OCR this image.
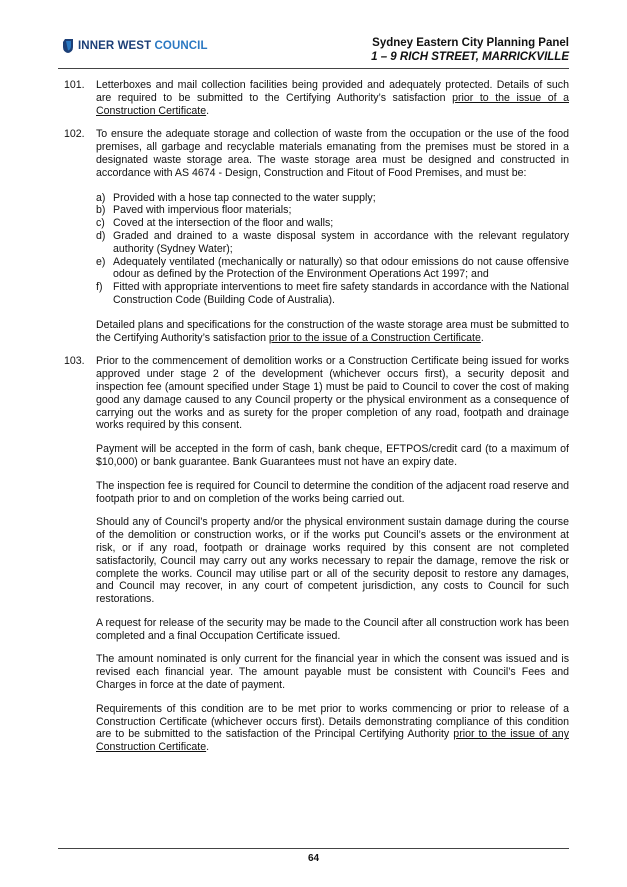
INNER WEST COUNCIL	Sydney Eastern City Planning Panel
1 – 9 RICH STREET, MARRICKVILLE
101.	Letterboxes and mail collection facilities being provided and adequately protected. Details of such are required to be submitted to the Certifying Authority’s satisfaction prior to the issue of a Construction Certificate.

102.	To ensure the adequate storage and collection of waste from the occupation or the use of the food premises, all garbage and recyclable materials emanating from the premises must be stored in a designated waste storage area. The waste storage area must be designed and constructed in accordance with AS 4674 - Design, Construction and Fitout of Food Premises, and must be:

a) Provided with a hose tap connected to the water supply;
b) Paved with impervious floor materials;
c) Coved at the intersection of the floor and walls;
d) Graded and drained to a waste disposal system in accordance with the relevant regulatory authority (Sydney Water);
e) Adequately ventilated (mechanically or naturally) so that odour emissions do not cause offensive odour as defined by the Protection of the Environment Operations Act 1997; and
f) Fitted with appropriate interventions to meet fire safety standards in accordance with the National Construction Code (Building Code of Australia).

Detailed plans and specifications for the construction of the waste storage area must be submitted to the Certifying Authority’s satisfaction prior to the issue of a Construction Certificate.

103.	Prior to the commencement of demolition works or a Construction Certificate being issued for works approved under stage 2 of the development (whichever occurs first), a security deposit and inspection fee (amount specified under Stage 1) must be paid to Council to cover the cost of making good any damage caused to any Council property or the physical environment as a consequence of carrying out the works and as surety for the proper completion of any road, footpath and drainage works required by this consent.

Payment will be accepted in the form of cash, bank cheque, EFTPOS/credit card (to a maximum of $10,000) or bank guarantee. Bank Guarantees must not have an expiry date.

The inspection fee is required for Council to determine the condition of the adjacent road reserve and footpath prior to and on completion of the works being carried out.

Should any of Council’s property and/or the physical environment sustain damage during the course of the demolition or construction works, or if the works put Council’s assets or the environment at risk, or if any road, footpath or drainage works required by this consent are not completed satisfactorily, Council may carry out any works necessary to repair the damage, remove the risk or complete the works. Council may utilise part or all of the security deposit to restore any damages, and Council may recover, in any court of competent jurisdiction, any costs to Council for such restorations.

A request for release of the security may be made to the Council after all construction work has been completed and a final Occupation Certificate issued.

The amount nominated is only current for the financial year in which the consent was issued and is revised each financial year. The amount payable must be consistent with Council’s Fees and Charges in force at the date of payment.

Requirements of this condition are to be met prior to works commencing or prior to release of a Construction Certificate (whichever occurs first). Details demonstrating compliance of this condition are to be submitted to the satisfaction of the Principal Certifying Authority prior to the issue of any Construction Certificate.

64
